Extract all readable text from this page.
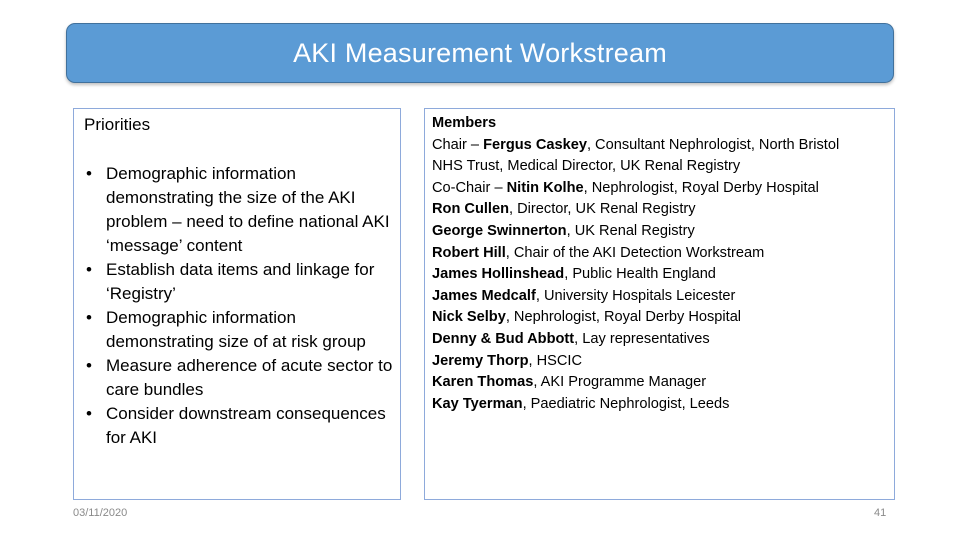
AKI Measurement Workstream
Priorities
• Demographic information demonstrating the size of the AKI problem – need to define national AKI ‘message’ content
• Establish data items and linkage for ‘Registry’
• Demographic information demonstrating size of at risk group
• Measure adherence of acute sector to care bundles
• Consider downstream consequences for AKI
Members
Chair – Fergus Caskey, Consultant Nephrologist, North Bristol
NHS Trust, Medical Director, UK Renal Registry
Co-Chair – Nitin Kolhe, Nephrologist, Royal Derby Hospital
Ron Cullen, Director, UK Renal Registry
George Swinnerton, UK Renal Registry
Robert Hill, Chair of the AKI Detection Workstream
James Hollinshead, Public Health England
James Medcalf, University Hospitals Leicester
Nick Selby, Nephrologist, Royal Derby Hospital
Denny & Bud Abbott, Lay representatives
Jeremy Thorp, HSCIC
Karen Thomas, AKI Programme Manager
Kay Tyerman, Paediatric Nephrologist, Leeds
03/11/2020	41
